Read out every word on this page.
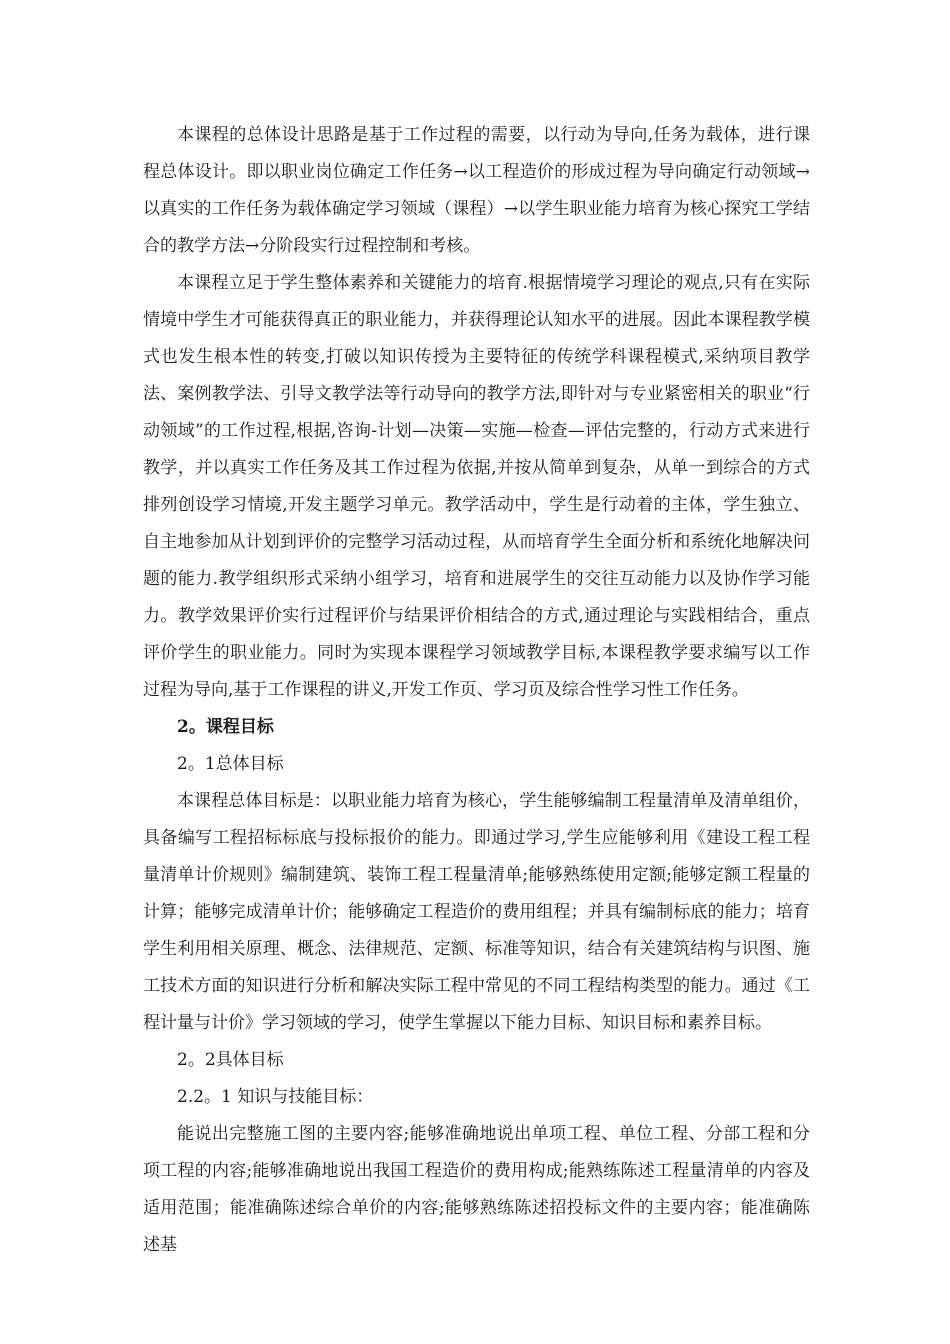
本课程的总体设计思路是基于工作过程的需要，以行动为导向,任务为载体，进行课程总体设计。即以职业岗位确定工作任务→以工程造价的形成过程为导向确定行动领域→以真实的工作任务为载体确定学习领域（课程）→以学生职业能力培育为核心探究工学结合的教学方法→分阶段实行过程控制和考核。

本课程立足于学生整体素养和关键能力的培育.根据情境学习理论的观点,只有在实际情境中学生才可能获得真正的职业能力，并获得理论认知水平的进展。因此本课程教学模式也发生根本性的转变,打破以知识传授为主要特征的传统学科课程模式,采纳项目教学法、案例教学法、引导文教学法等行动导向的教学方法,即针对与专业紧密相关的职业“行动领域”的工作过程,根据,咨询-计划—决策—实施—检查—评估完整的，行动方式来进行教学，并以真实工作任务及其工作过程为依据,并按从简单到复杂，从单一到综合的方式排列创设学习情境,开发主题学习单元。教学活动中，学生是行动着的主体，学生独立、自主地参加从计划到评价的完整学习活动过程，从而培育学生全面分析和系统化地解决问题的能力.教学组织形式采纳小组学习，培育和进展学生的交往互动能力以及协作学习能力。教学效果评价实行过程评价与结果评价相结合的方式,通过理论与实践相结合，重点评价学生的职业能力。同时为实现本课程学习领域教学目标,本课程教学要求编写以工作过程为导向,基于工作课程的讲义,开发工作页、学习页及综合性学习性工作任务。

2。课程目标

2。1总体目标

本课程总体目标是：以职业能力培育为核心，学生能够编制工程量清单及清单组价，具备编写工程招标标底与投标报价的能力。即通过学习,学生应能够利用《建设工程工程量清单计价规则》编制建筑、装饰工程工程量清单;能够熟练使用定额;能够定额工程量的计算；能够完成清单计价；能够确定工程造价的费用组程；并具有编制标底的能力；培育学生利用相关原理、概念、法律规范、定额、标准等知识，结合有关建筑结构与识图、施工技术方面的知识进行分析和解决实际工程中常见的不同工程结构类型的能力。通过《工程计量与计价》学习领域的学习，使学生掌握以下能力目标、知识目标和素养目标。

2。2具体目标

2.2。1 知识与技能目标：

能说出完整施工图的主要内容;能够准确地说出单项工程、单位工程、分部工程和分项工程的内容;能够准确地说出我国工程造价的费用构成;能熟练陈述工程量清单的内容及适用范围；能准确陈述综合单价的内容;能够熟练陈述招投标文件的主要内容；能准确陈述基
